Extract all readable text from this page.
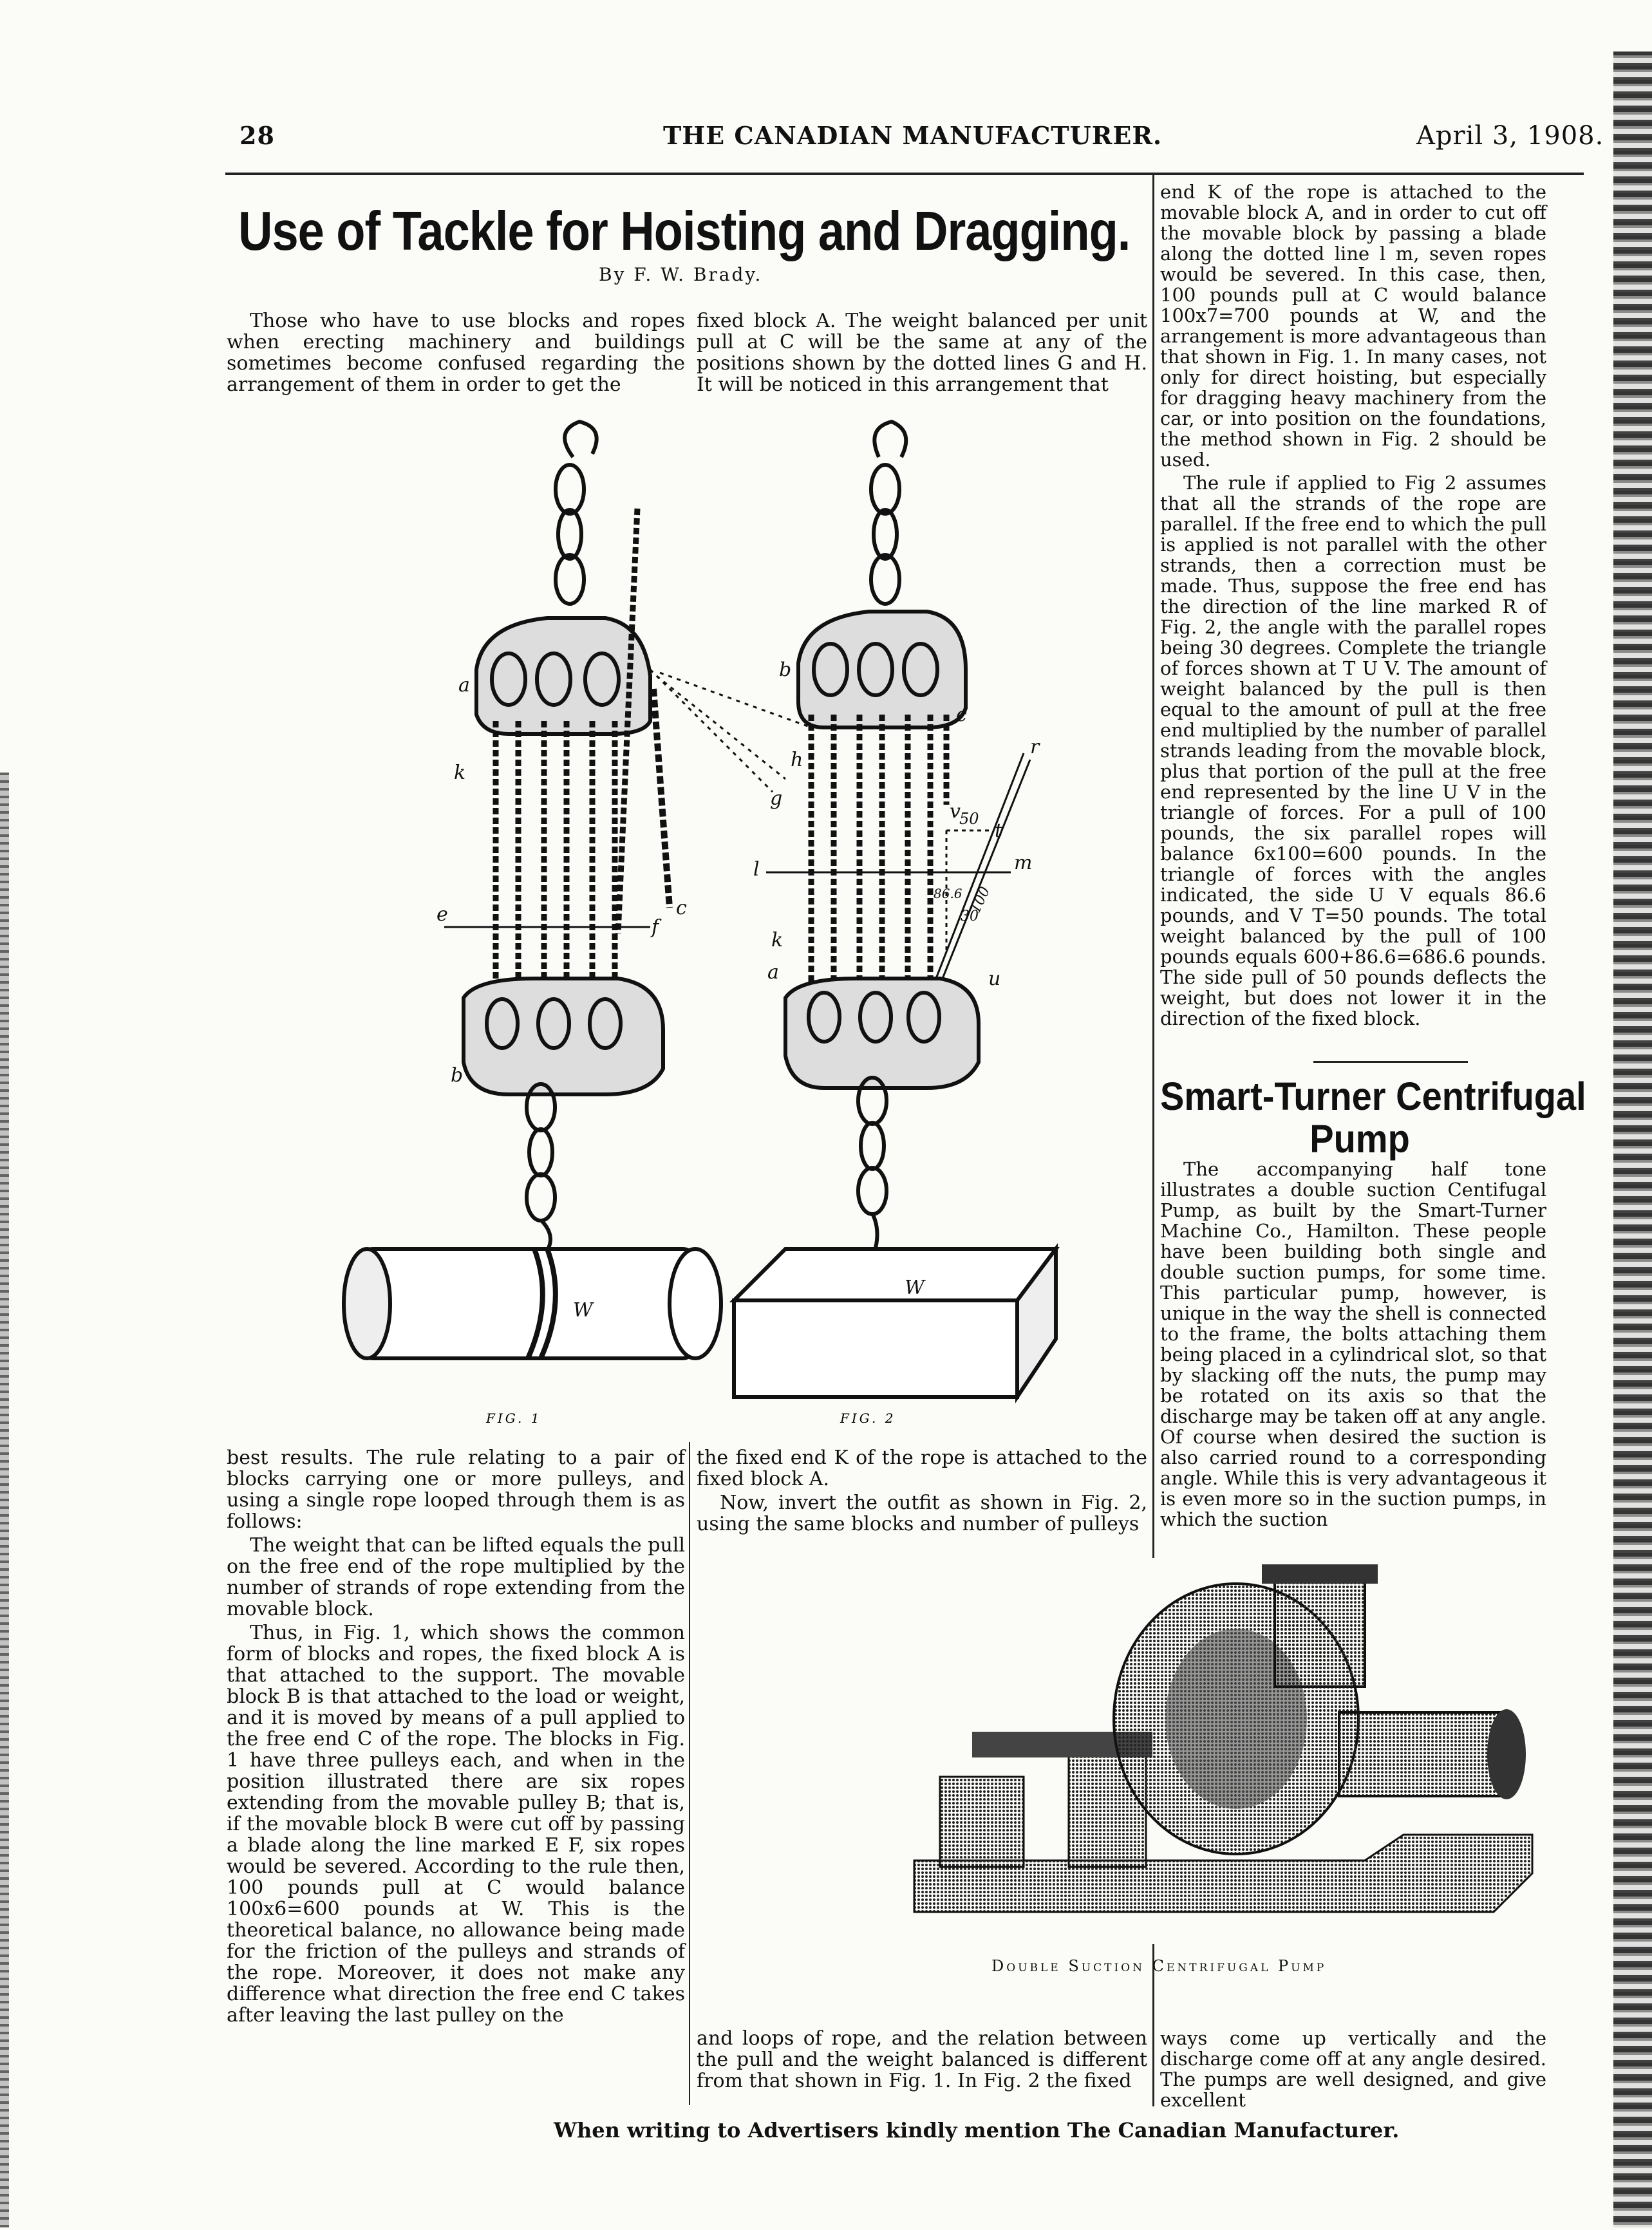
28	THE CANADIAN MANUFACTURER.	April 3, 1908.
Use of Tackle for Hoisting and Dragging.
By F. W. Brady.

Those who have to use blocks and ropes when erecting machinery and buildings sometimes become confused regarding the arrangement of them in order to get the

fixed block A. The weight balanced per unit pull at C will be the same at any of the positions shown by the dotted lines G and H. It will be noticed in this arrangement that

a
b
c
e
f
g
h
k
W
a
b
c
k
l	m
r
t
u
v
W
50
86.6
30
100
FIG. 1	FIG. 2

best results. The rule relating to a pair of blocks carrying one or more pulleys, and using a single rope looped through them is as follows:

The weight that can be lifted equals the pull on the free end of the rope multiplied by the number of strands of rope extending from the movable block.

Thus, in Fig. 1, which shows the common form of blocks and ropes, the fixed block A is that attached to the support. The movable block B is that attached to the load or weight, and it is moved by means of a pull applied to the free end C of the rope. The blocks in Fig. 1 have three pulleys each, and when in the position illustrated there are six ropes extending from the movable pulley B; that is, if the movable block B were cut off by passing a blade along the line marked E F, six ropes would be severed. According to the rule then, 100 pounds pull at C would balance 100x6=600 pounds at W. This is the theoretical balance, no allowance being made for the friction of the pulleys and strands of the rope. Moreover, it does not make any difference what direction the free end C takes after leaving the last pulley on the

the fixed end K of the rope is attached to the fixed block A.

Now, invert the outfit as shown in Fig. 2, using the same blocks and number of pulleys

and loops of rope, and the relation between the pull and the weight balanced is different from that shown in Fig. 1. In Fig. 2 the fixed

end K of the rope is attached to the movable block A, and in order to cut off the movable block by passing a blade along the dotted line l m, seven ropes would be severed. In this case, then, 100 pounds pull at C would balance 100x7=700 pounds at W, and the arrangement is more advantageous than that shown in Fig. 1. In many cases, not only for direct hoisting, but especially for dragging heavy machinery from the car, or into position on the foundations, the method shown in Fig. 2 should be used.

The rule if applied to Fig 2 assumes that all the strands of the rope are parallel. If the free end to which the pull is applied is not parallel with the other strands, then a correction must be made. Thus, suppose the free end has the direction of the line marked R of Fig. 2, the angle with the parallel ropes being 30 degrees. Complete the triangle of forces shown at T U V. The amount of weight balanced by the pull is then equal to the amount of pull at the free end multiplied by the number of parallel strands leading from the movable block, plus that portion of the pull at the free end represented by the line U V in the triangle of forces. For a pull of 100 pounds, the six parallel ropes will balance 6x100=600 pounds. In the triangle of forces with the angles indicated, the side U V equals 86.6 pounds, and V T=50 pounds. The total weight balanced by the pull of 100 pounds equals 600+86.6=686.6 pounds. The side pull of 50 pounds deflects the weight, but does not lower it in the direction of the fixed block.

Smart-Turner Centrifugal
Pump

The accompanying half tone illustrates a double suction Centifugal Pump, as built by the Smart-Turner Machine Co., Hamilton. These people have been building both single and double suction pumps, for some time. This particular pump, however, is unique in the way the shell is connected to the frame, the bolts attaching them being placed in a cylindrical slot, so that by slacking off the nuts, the pump may be rotated on its axis so that the discharge may be taken off at any angle. Of course when desired the suction is also carried round to a corresponding angle. While this is very advantageous it is even more so in the suction pumps, in which the suction

Double Suction Centrifugal Pump

ways come up vertically and the discharge come off at any angle desired. The pumps are well designed, and give excellent

When writing to Advertisers kindly mention The Canadian Manufacturer.
